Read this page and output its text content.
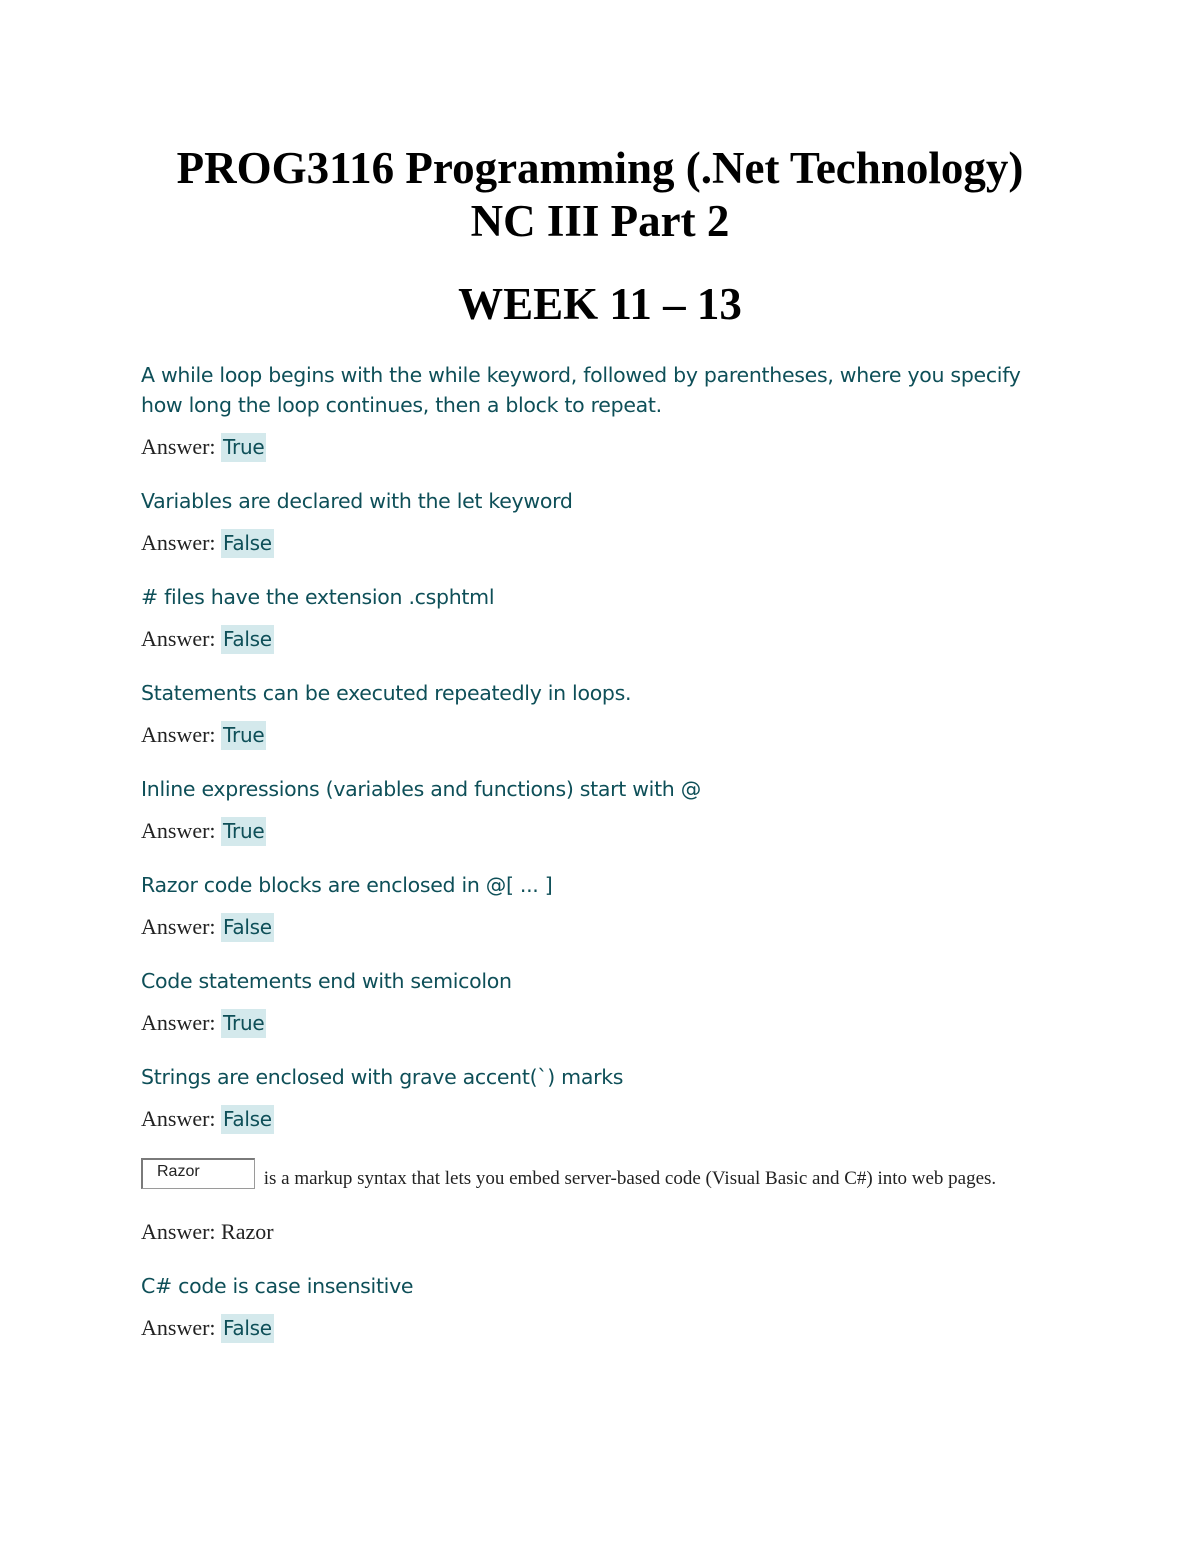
PROG3116 Programming (.Net Technology)
NC III Part 2
WEEK 11 – 13

A while loop begins with the while keyword, followed by parentheses, where you specify how long the loop continues, then a block to repeat.

Answer: True

Variables are declared with the let keyword

Answer: False

# files have the extension .csphtml

Answer: False

Statements can be executed repeatedly in loops.

Answer: True

Inline expressions (variables and functions) start with @

Answer: True

Razor code blocks are enclosed in @[ ... ]

Answer: False

Code statements end with semicolon

Answer: True

Strings are enclosed with grave accent(`) marks

Answer: False

Razor	is a markup syntax that lets you embed server-based code (Visual Basic and C#) into web pages.

Answer: Razor

C# code is case insensitive

Answer: False
